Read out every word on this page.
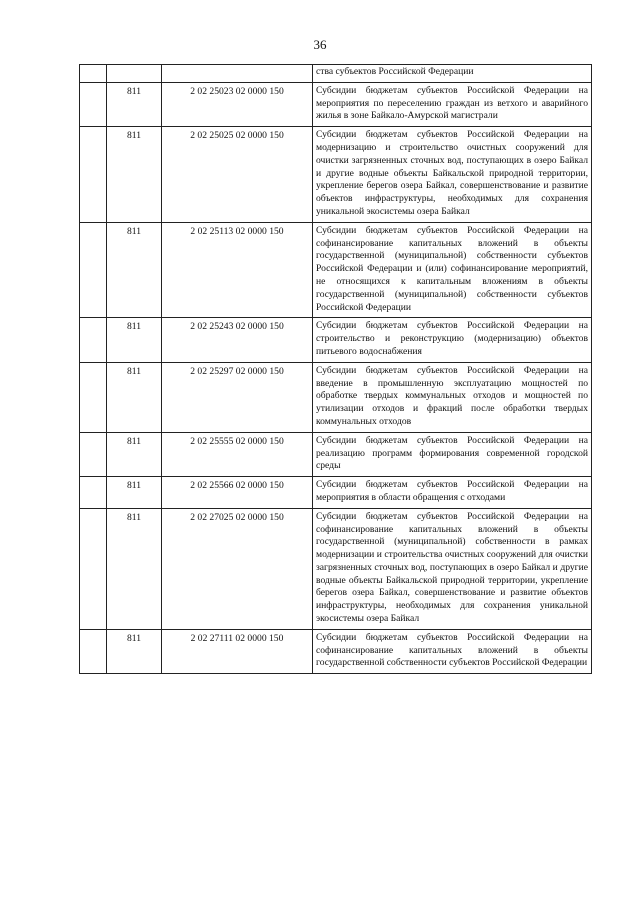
36

			ства субъектов Российской Федерации

	811	2 02 25023 02 0000 150	Субсидии бюджетам субъектов Российской Федерации на мероприятия по переселению граждан из ветхого и аварийного жилья в зоне Байкало-Амурской магистрали

	811	2 02 25025 02 0000 150	Субсидии бюджетам субъектов Российской Федерации на модернизацию и строительство очистных сооружений для очистки загрязненных сточных вод, поступающих в озеро Байкал и другие водные объекты Байкальской природной территории, укрепление берегов озера Байкал, совершенствование и развитие объектов инфраструктуры, необходимых для сохранения уникальной экосистемы озера Байкал

	811	2 02 25113 02 0000 150	Субсидии бюджетам субъектов Российской Федерации на софинансирование капитальных вложений в объекты государственной (муниципальной) собственности субъектов Российской Федерации и (или) софинансирование мероприятий, не относящихся к капитальным вложениям в объекты государственной (муниципальной) собственности субъектов Российской Федерации

	811	2 02 25243 02 0000 150	Субсидии бюджетам субъектов Российской Федерации на строительство и реконструкцию (модернизацию) объектов питьевого водоснабжения

	811	2 02 25297 02 0000 150	Субсидии бюджетам субъектов Российской Федерации на введение в промышленную эксплуатацию мощностей по обработке твердых коммунальных отходов и мощностей по утилизации отходов и фракций после обработки твердых коммунальных отходов

	811	2 02 25555 02 0000 150	Субсидии бюджетам субъектов Российской Федерации на реализацию программ формирования современной городской среды

	811	2 02 25566 02 0000 150	Субсидии бюджетам субъектов Российской Федерации на мероприятия в области обращения с отходами

	811	2 02 27025 02 0000 150	Субсидии бюджетам субъектов Российской Федерации на софинансирование капитальных вложений в объекты государственной (муниципальной) собственности в рамках модернизации и строительства очистных сооружений для очистки загрязненных сточных вод, поступающих в озеро Байкал и другие водные объекты Байкальской природной территории, укрепление берегов озера Байкал, совершенствование и развитие объектов инфраструктуры, необходимых для сохранения уникальной экосистемы озера Байкал

	811	2 02 27111 02 0000 150	Субсидии бюджетам субъектов Российской Федерации на софинансирование капитальных вложений в объекты государственной собственности субъектов Российской Федерации
